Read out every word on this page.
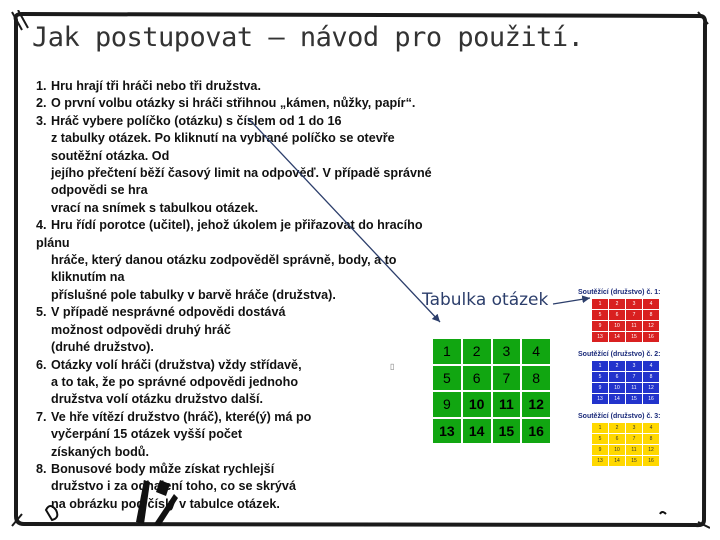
Jak postupovat – návod pro použití.
1. Hru hrají tři hráči nebo tři družstva.
2. O první volbu otázky si hráči střihnou „kámen, nůžky, papír“.
3. Hráč vybere políčko (otázku) s číslem od 1 do 16
z tabulky otázek. Po kliknutí na vybrané políčko se otevře soutěžní otázka. Od
jejího přečtení běží časový limit na odpověď. V případě správné odpovědi se hra
vrací na snímek s tabulkou otázek.
4. Hru řídí porotce (učitel), jehož úkolem je přiřazovat do hracího plánu
hráče, který danou otázku zodpověděl správně, body, a to kliknutím na
příslušné pole tabulky v barvě hráče (družstva).
5. V případě nesprávné odpovědi dostává
možnost odpovědi druhý hráč
(druhé družstvo).
6. Otázky volí hráči (družstva) vždy střídavě,
a to tak, že po správné odpovědi jednoho
družstva volí otázku družstvo další.
7. Ve hře vítězí družstvo (hráč), které(ý) má po
vyčerpání 15 otázek vyšší počet
získaných bodů.
8. Bonusové body může získat rychlejší
družstvo i za odhalení toho, co se skrývá
na obrázku pod čísly v tabulce otázek.
▯
Tabulka otázek
1	2	3	4
5	6	7	8
9	10	11	12
13	14	15	16
Soutěžící (družstvo) č. 1:
1	2	3	4
5	6	7	8
9	10	11	12
13	14	15	16
Soutěžící (družstvo) č. 2:
1	2	3	4
5	6	7	8
9	10	11	12
13	14	15	16
Soutěžící (družstvo) č. 3:
1	2	3	4
5	6	7	8
9	10	11	12
13	14	15	16
